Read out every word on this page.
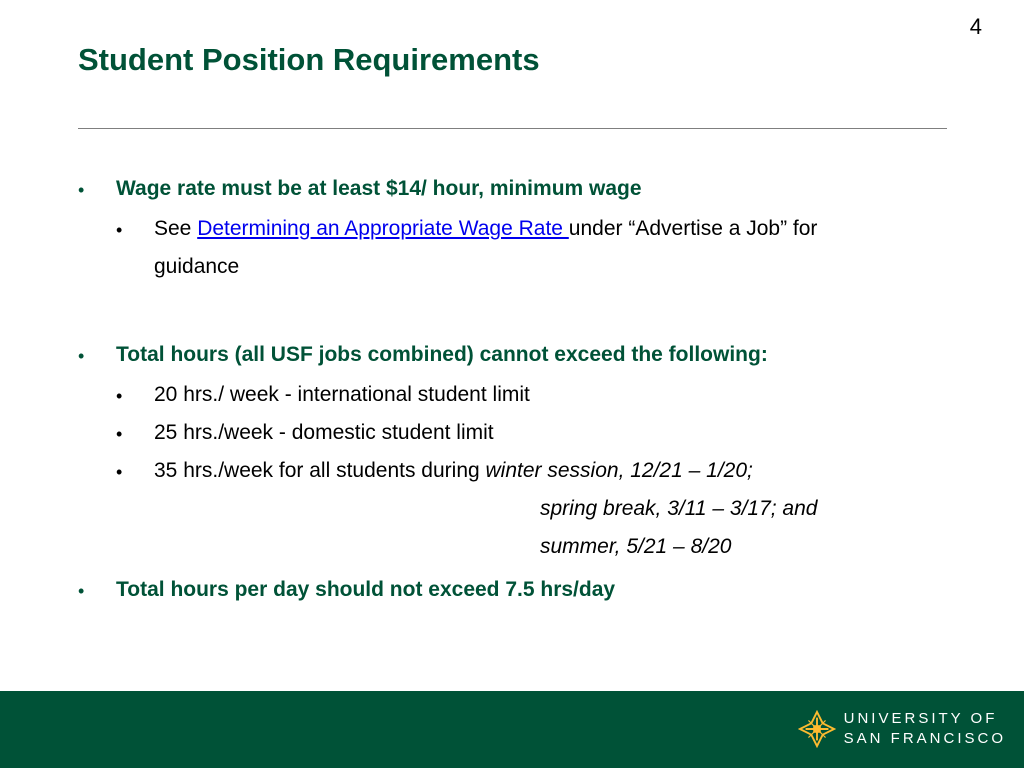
4
Student Position Requirements
• Wage rate must be at least $14/ hour, minimum wage
• See Determining an Appropriate Wage Rate under “Advertise a Job” for
guidance
• Total hours (all USF jobs combined) cannot exceed the following:
• 20 hrs./ week - international student limit
• 25 hrs./week - domestic student limit
• 35 hrs./week for all students during winter session, 12/21 – 1/20;
spring break, 3/11 – 3/17; and
summer, 5/21 – 8/20
• Total hours per day should not exceed 7.5 hrs/day
UNIVERSITY OF
SAN FRANCISCO
